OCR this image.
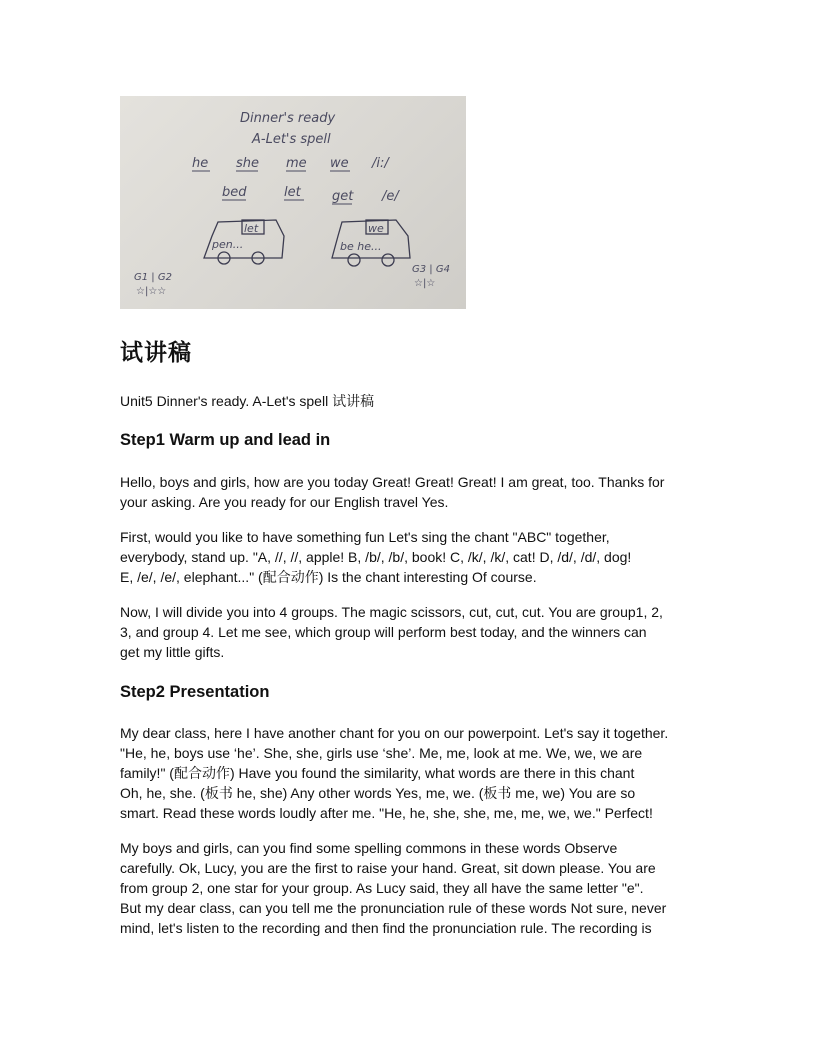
Dinner's ready
A-Let's spell
he she me we /i:/
bed	let get /e/
let
pen...
we
be he...
G1 | G2
☆|☆☆
G3 | G4
☆|☆
试讲稿

Unit5 Dinner's ready. A-Let's spell 试讲稿

Step1 Warm up and lead in

Hello, boys and girls, how are you today Great! Great! Great! I am great, too. Thanks for
your asking. Are you ready for our English travel Yes.

First, would you like to have something fun Let's sing the chant "ABC" together,
everybody, stand up. "A, //, //, apple! B, /b/, /b/, book! C, /k/, /k/, cat! D, /d/, /d/, dog!
E, /e/, /e/, elephant..." (配合动作) Is the chant interesting Of course.

Now, I will divide you into 4 groups. The magic scissors, cut, cut, cut. You are group1, 2,
3, and group 4. Let me see, which group will perform best today, and the winners can
get my little gifts.

Step2 Presentation

My dear class, here I have another chant for you on our powerpoint. Let's say it together.
"He, he, boys use ‘he’. She, she, girls use ‘she’. Me, me, look at me. We, we, we are
family!" (配合动作) Have you found the similarity, what words are there in this chant
Oh, he, she. (板书 he, she) Any other words Yes, me, we. (板书 me, we) You are so
smart. Read these words loudly after me. "He, he, she, she, me, me, we, we." Perfect!

My boys and girls, can you find some spelling commons in these words Observe
carefully. Ok, Lucy, you are the first to raise your hand. Great, sit down please. You are
from group 2, one star for your group. As Lucy said, they all have the same letter "e".
But my dear class, can you tell me the pronunciation rule of these words Not sure, never
mind, let's listen to the recording and then find the pronunciation rule. The recording is
